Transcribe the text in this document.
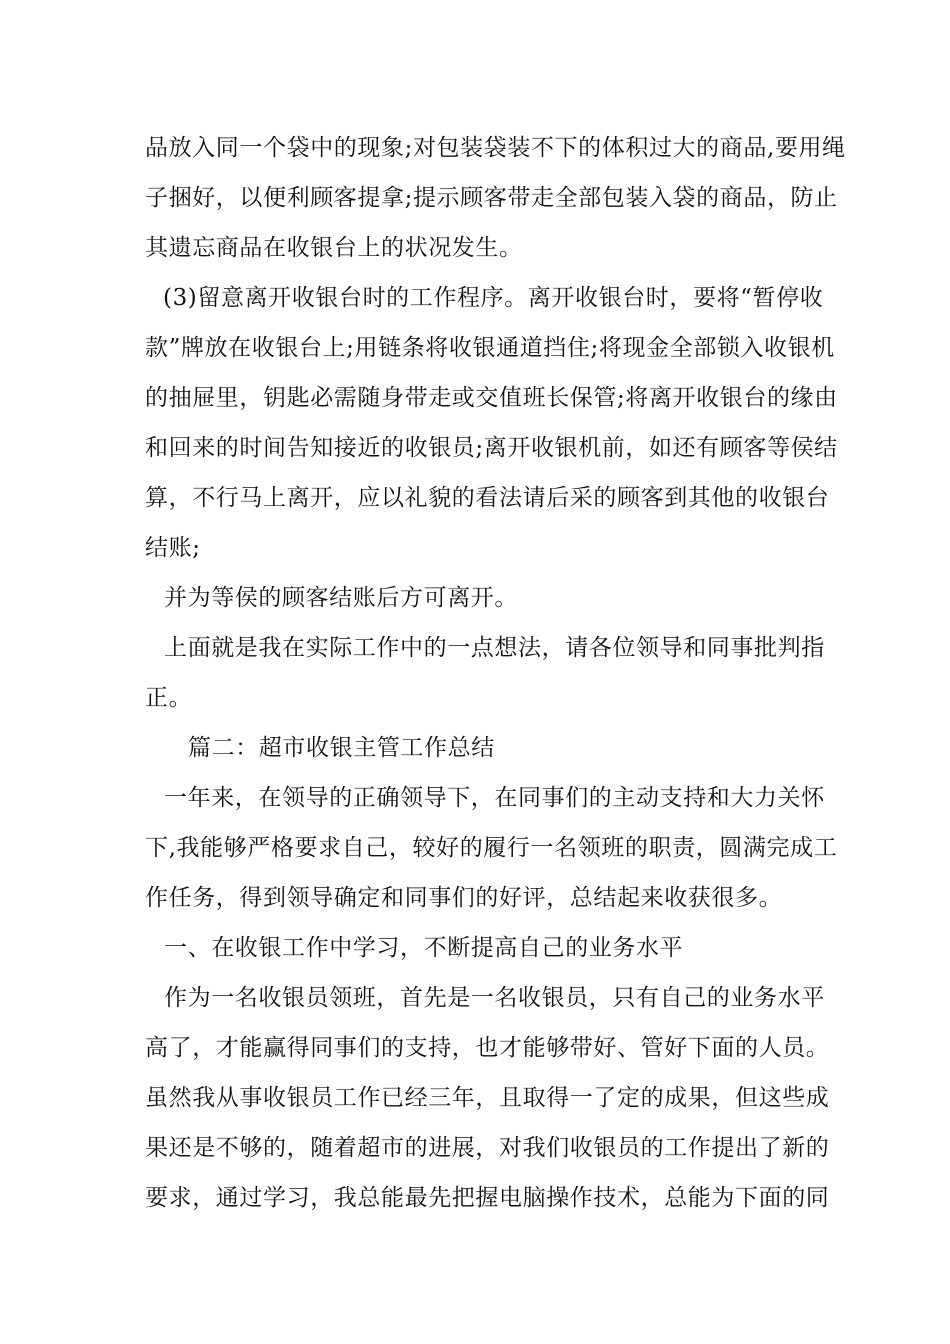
品放入同一个袋中的现象;对包装袋装不下的体积过大的商品,要用绳
子捆好，以便利顾客提拿;提示顾客带走全部包装入袋的商品，防止
其遗忘商品在收银台上的状况发生。
(3)留意离开收银台时的工作程序。离开收银台时，要将“暂停收
款”牌放在收银台上;用链条将收银通道挡住;将现金全部锁入收银机
的抽屉里，钥匙必需随身带走或交值班长保管;将离开收银台的缘由
和回来的时间告知接近的收银员;离开收银机前，如还有顾客等侯结
算，不行马上离开，应以礼貌的看法请后采的顾客到其他的收银台
结账;
并为等侯的顾客结账后方可离开。
上面就是我在实际工作中的一点想法，请各位领导和同事批判指
正。
篇二：超市收银主管工作总结
一年来，在领导的正确领导下，在同事们的主动支持和大力关怀
下,我能够严格要求自己，较好的履行一名领班的职责，圆满完成工
作任务，得到领导确定和同事们的好评，总结起来收获很多。
一、在收银工作中学习，不断提高自己的业务水平
作为一名收银员领班，首先是一名收银员，只有自己的业务水平
高了，才能赢得同事们的支持，也才能够带好、管好下面的人员。
虽然我从事收银员工作已经三年，且取得一了定的成果，但这些成
果还是不够的，随着超市的进展，对我们收银员的工作提出了新的
要求，通过学习，我总能最先把握电脑操作技术，总能为下面的同
